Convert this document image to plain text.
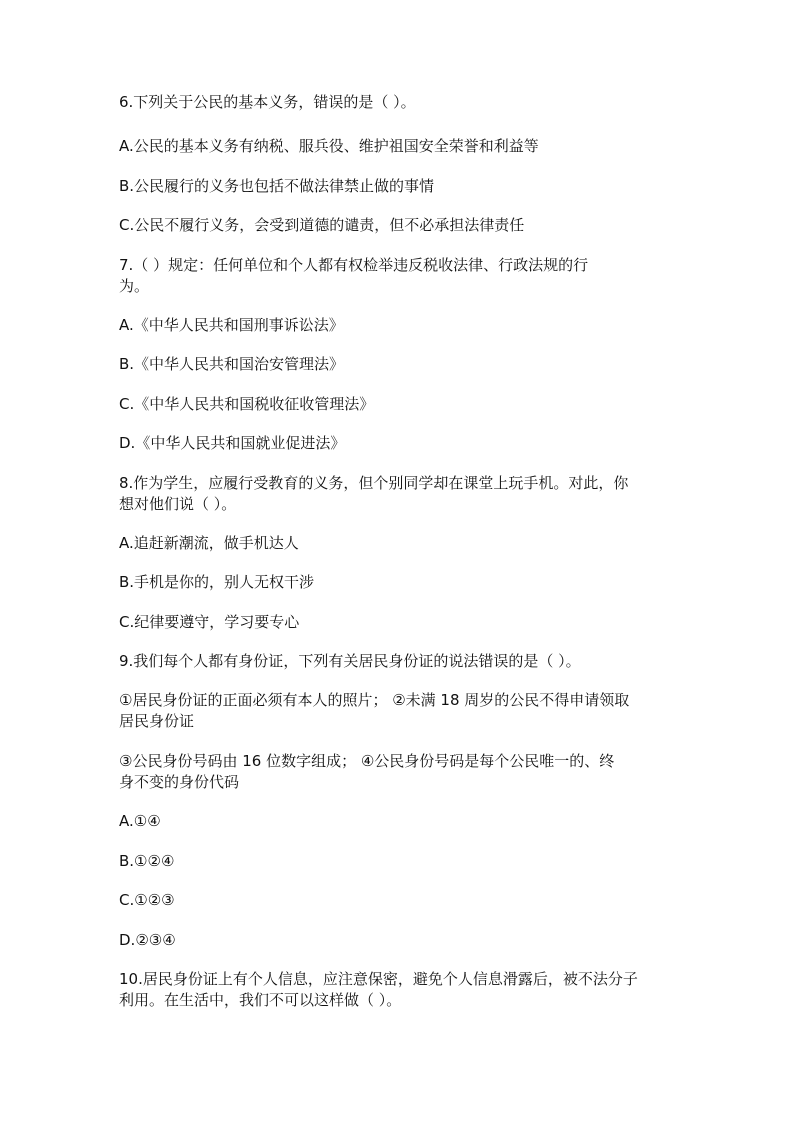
6.下列关于公民的基本义务，错误的是（ ）。
A.公民的基本义务有纳税、服兵役、维护祖国安全荣誉和利益等
B.公民履行的义务也包括不做法律禁止做的事情
C.公民不履行义务，会受到道德的谴责，但不必承担法律责任
7.（ ）规定：任何单位和个人都有权检举违反税收法律、行政法规的行
为。
A.《中华人民共和国刑事诉讼法》
B.《中华人民共和国治安管理法》
C.《中华人民共和国税收征收管理法》
D.《中华人民共和国就业促进法》
8.作为学生，应履行受教育的义务，但个别同学却在课堂上玩手机。对此，你
想对他们说（ ）。
A.追赶新潮流，做手机达人
B.手机是你的，别人无权干涉
C.纪律要遵守，学习要专心
9.我们每个人都有身份证，下列有关居民身份证的说法错误的是（ ）。
①居民身份证的正面必须有本人的照片； ②未满 18 周岁的公民不得申请领取
居民身份证
③公民身份号码由 16 位数字组成； ④公民身份号码是每个公民唯一的、终
身不变的身份代码
A.①④
B.①②④
C.①②③
D.②③④
10.居民身份证上有个人信息，应注意保密，避免个人信息滑露后，被不法分子
利用。在生活中，我们不可以这样做（ ）。
